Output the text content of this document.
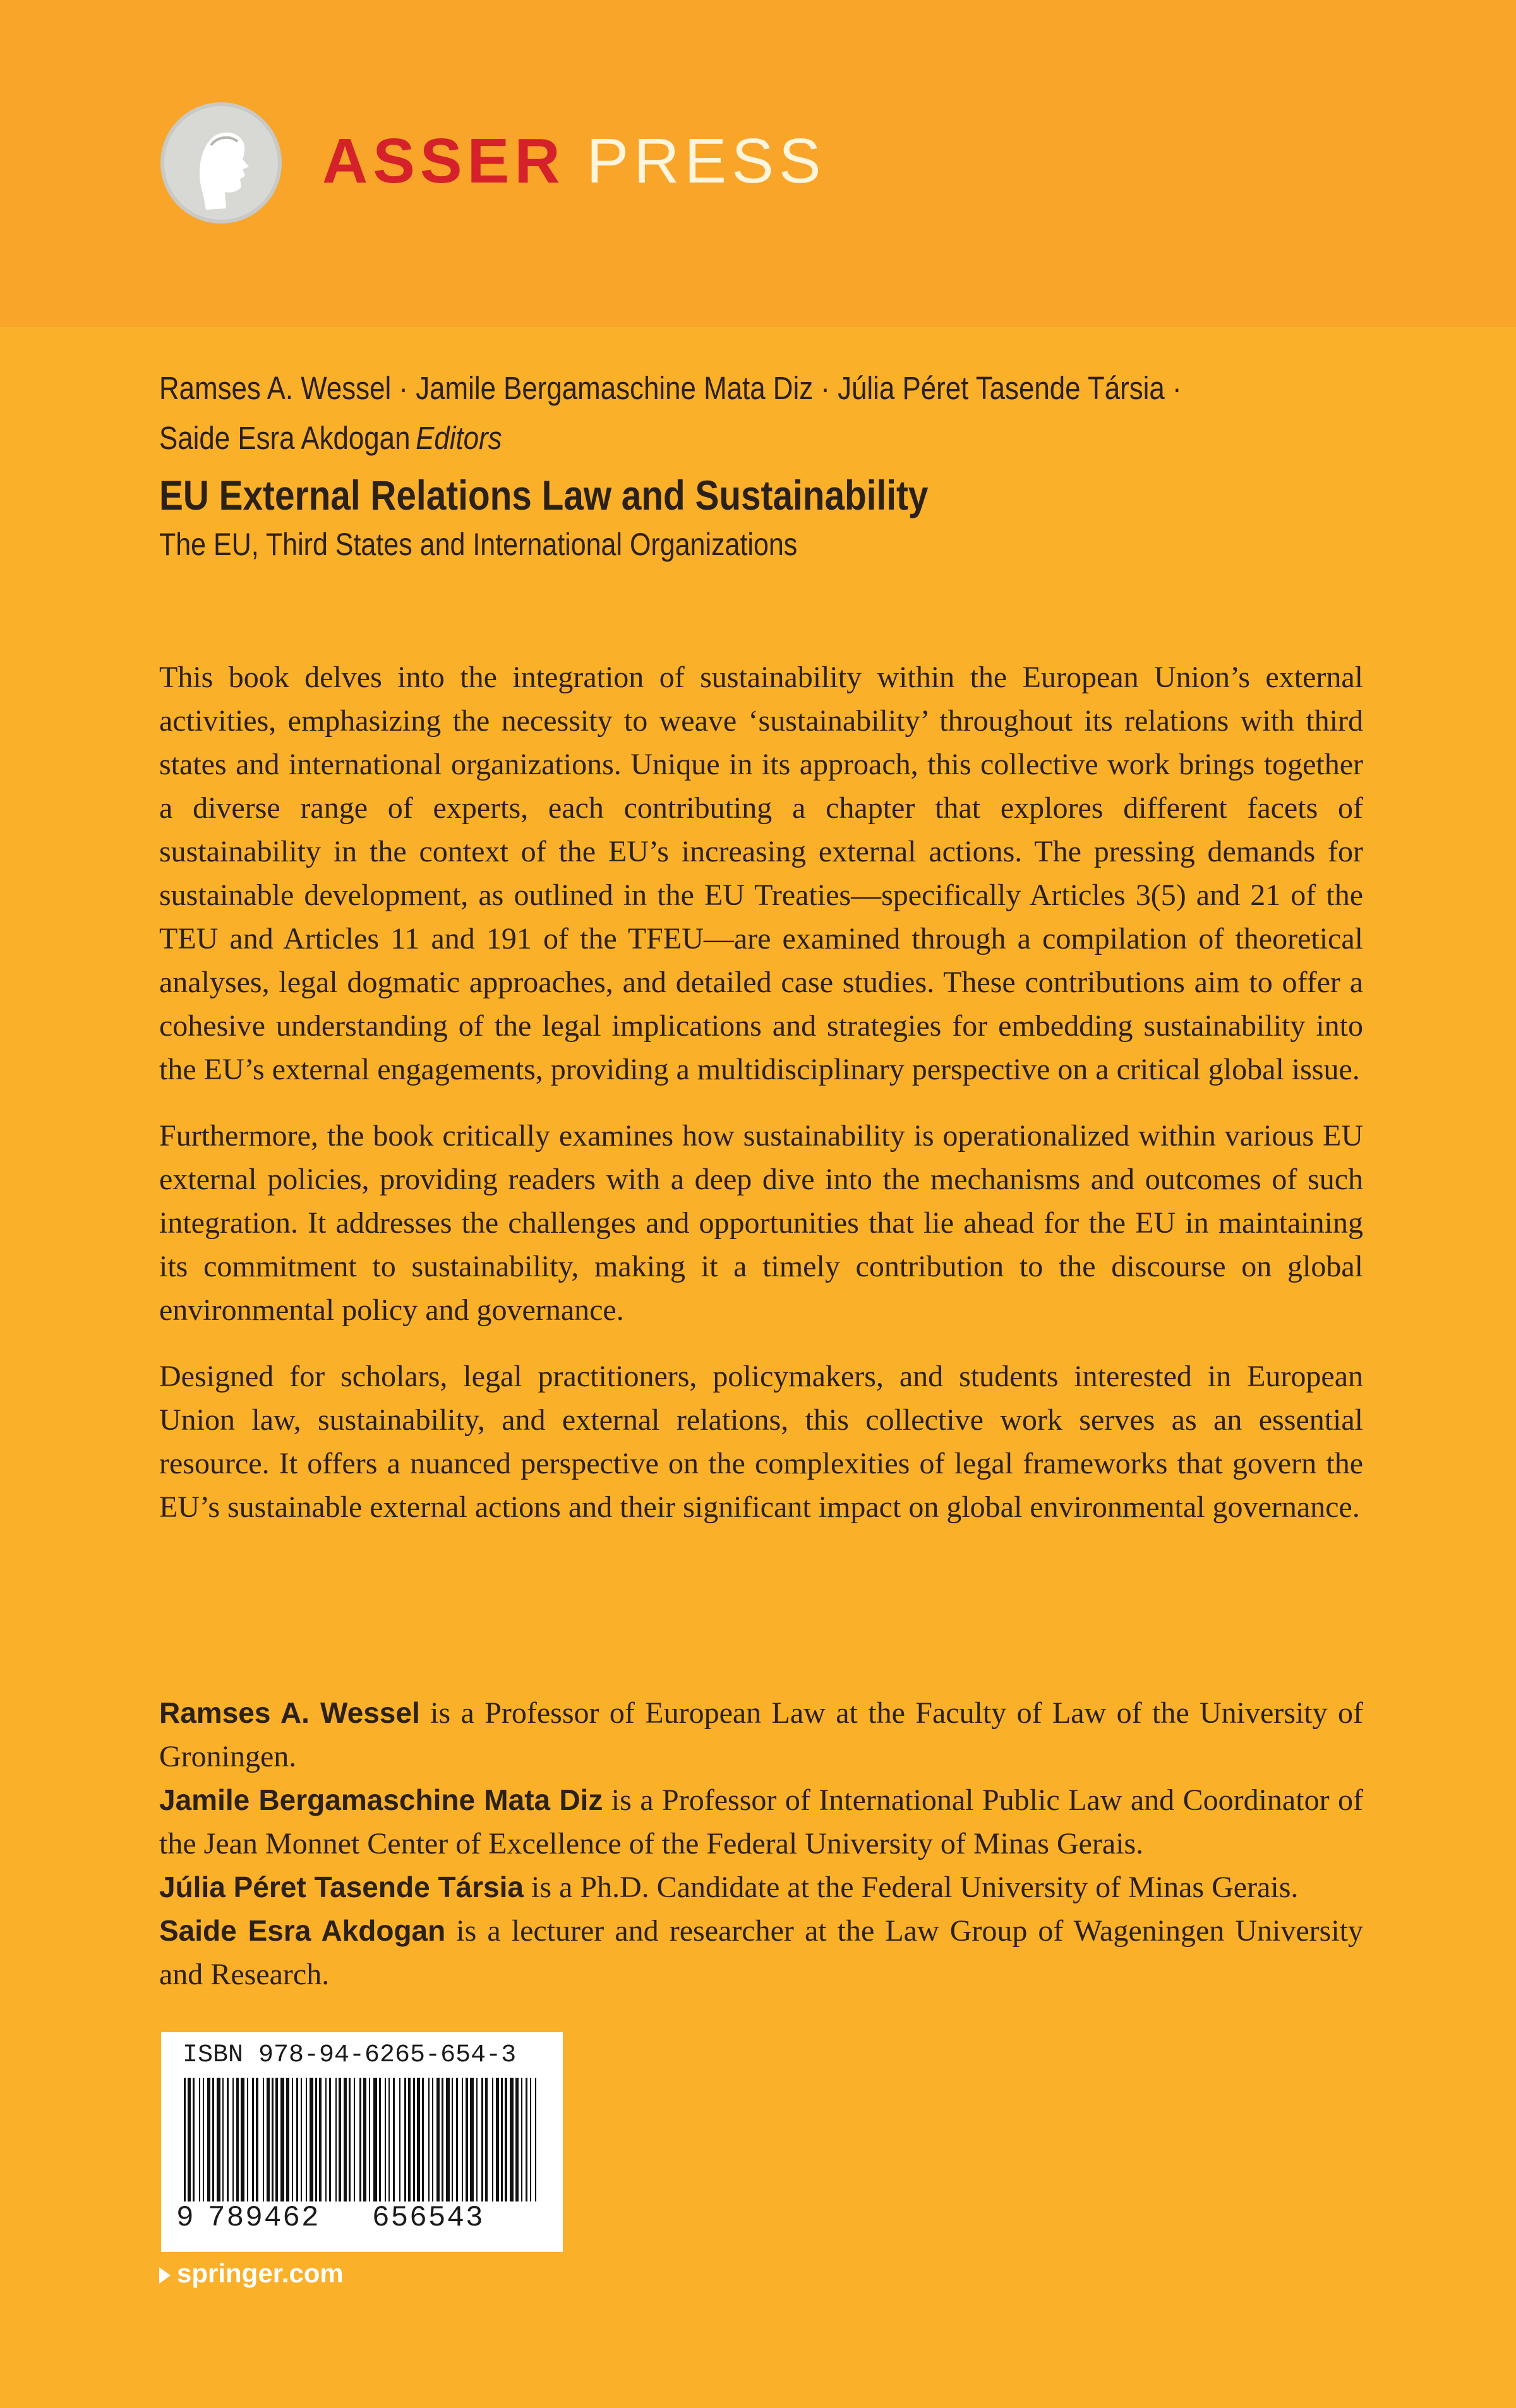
ASSER PRESS
Ramses A. Wessel · Jamile Bergamaschine Mata Diz · Júlia Péret Tasende Társia ·
Saide Esra Akdogan Editors
EU External Relations Law and Sustainability
The EU, Third States and International Organizations

This book delves into the integration of sustainability within the European Union’s external activities, emphasizing the necessity to weave ‘sustainability’ throughout its relations with third states and international organizations. Unique in its approach, this collective work brings together a diverse range of experts, each contributing a chapter that explores different facets of sustainability in the context of the EU’s increasing external actions. The pressing demands for sustainable development, as outlined in the EU Treaties—specifically Articles 3(5) and 21 of the TEU and Articles 11 and 191 of the TFEU—are examined through a compilation of theoretical analyses, legal dogmatic approaches, and detailed case studies. These contributions aim to offer a cohesive understanding of the legal implications and strategies for embedding sustainability into the EU’s external engagements, providing a multidisciplinary perspective on a critical global issue.

Furthermore, the book critically examines how sustainability is operationalized within various EU external policies, providing readers with a deep dive into the mechanisms and outcomes of such integration. It addresses the challenges and opportunities that lie ahead for the EU in maintaining its commitment to sustainability, making it a timely contribution to the discourse on global environmental policy and governance.

Designed for scholars, legal practitioners, policymakers, and students interested in European Union law, sustainability, and external relations, this collective work serves as an essential resource. It offers a nuanced perspective on the complexities of legal frameworks that govern the EU’s sustainable external actions and their significant impact on global environmental governance.

Ramses A. Wessel is a Professor of European Law at the Faculty of Law of the University of Groningen.

Jamile Bergamaschine Mata Diz is a Professor of International Public Law and Coordinator of the Jean Monnet Center of Excellence of the Federal University of Minas Gerais.

Júlia Péret Tasende Társia is a Ph.D. Candidate at the Federal University of Minas Gerais.

Saide Esra Akdogan is a lecturer and researcher at the Law Group of Wageningen University and Research.

ISBN 978-94-6265-654-3
9 789462 656543
springer.com
